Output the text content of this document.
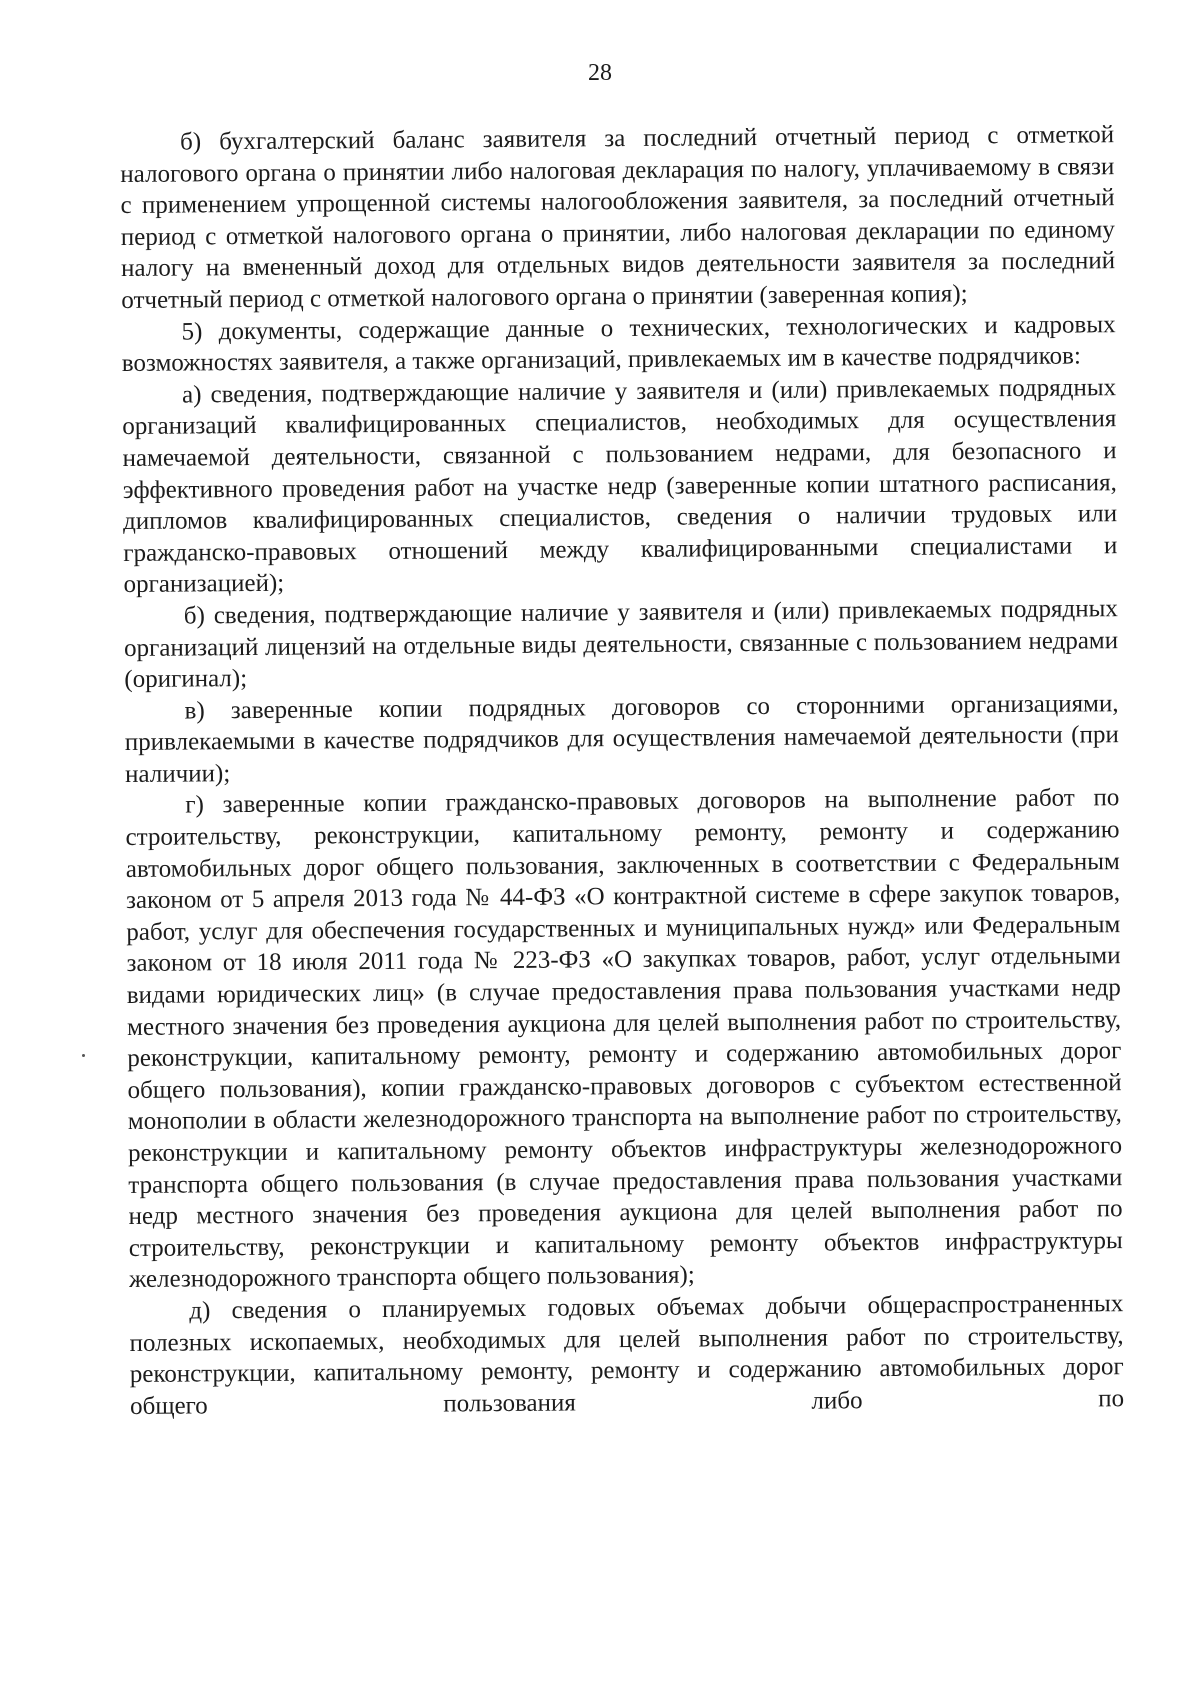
28

б) бухгалтерский баланс заявителя за последний отчетный период с отметкой налогового органа о принятии либо налоговая декларация по налогу, уплачиваемому в связи с применением упрощенной системы налогообложения заявителя, за последний отчетный период с отметкой налогового органа о принятии, либо налоговая декларации по единому налогу на вмененный доход для отдельных видов деятельности заявителя за последний отчетный период с отметкой налогового органа о принятии (заверенная копия);

5) документы, содержащие данные о технических, технологических и кадровых возможностях заявителя, а также организаций, привлекаемых им в качестве подрядчиков:

а) сведения, подтверждающие наличие у заявителя и (или) привлекаемых подрядных организаций квалифицированных специалистов, необходимых для осуществления намечаемой деятельности, связанной с пользованием недрами, для безопасного и эффективного проведения работ на участке недр (заверенные копии штатного расписания, дипломов квалифицированных специалистов, сведения о наличии трудовых или гражданско-правовых отношений между квалифицированными специалистами и организацией);

б) сведения, подтверждающие наличие у заявителя и (или) привлекаемых подрядных организаций лицензий на отдельные виды деятельности, связанные с пользованием недрами (оригинал);

в) заверенные копии подрядных договоров со сторонними организациями, привлекаемыми в качестве подрядчиков для осуществления намечаемой деятельности (при наличии);

г) заверенные копии гражданско-правовых договоров на выполнение работ по строительству, реконструкции, капитальному ремонту, ремонту и содержанию автомобильных дорог общего пользования, заключенных в соответствии с Федеральным законом от 5 апреля 2013 года № 44-ФЗ «О контрактной системе в сфере закупок товаров, работ, услуг для обеспечения государственных и муниципальных нужд» или Федеральным законом от 18 июля 2011 года № 223-ФЗ «О закупках товаров, работ, услуг отдельными видами юридических лиц» (в случае предоставления права пользования участками недр местного значения без проведения аукциона для целей выполнения работ по строительству, реконструкции, капитальному ремонту, ремонту и содержанию автомобильных дорог общего пользования), копии гражданско-правовых договоров с субъектом естественной монополии в области железнодорожного транспорта на выполнение работ по строительству, реконструкции и капитальному ремонту объектов инфраструктуры железнодорожного транспорта общего пользования (в случае предоставления права пользования участками недр местного значения без проведения аукциона для целей выполнения работ по строительству, реконструкции и капитальному ремонту объектов инфраструктуры железнодорожного транспорта общего пользования);

д) сведения о планируемых годовых объемах добычи общераспространенных полезных ископаемых, необходимых для целей выполнения работ по строительству, реконструкции, капитальному ремонту, ремонту и содержанию автомобильных дорог общего пользования либо по
